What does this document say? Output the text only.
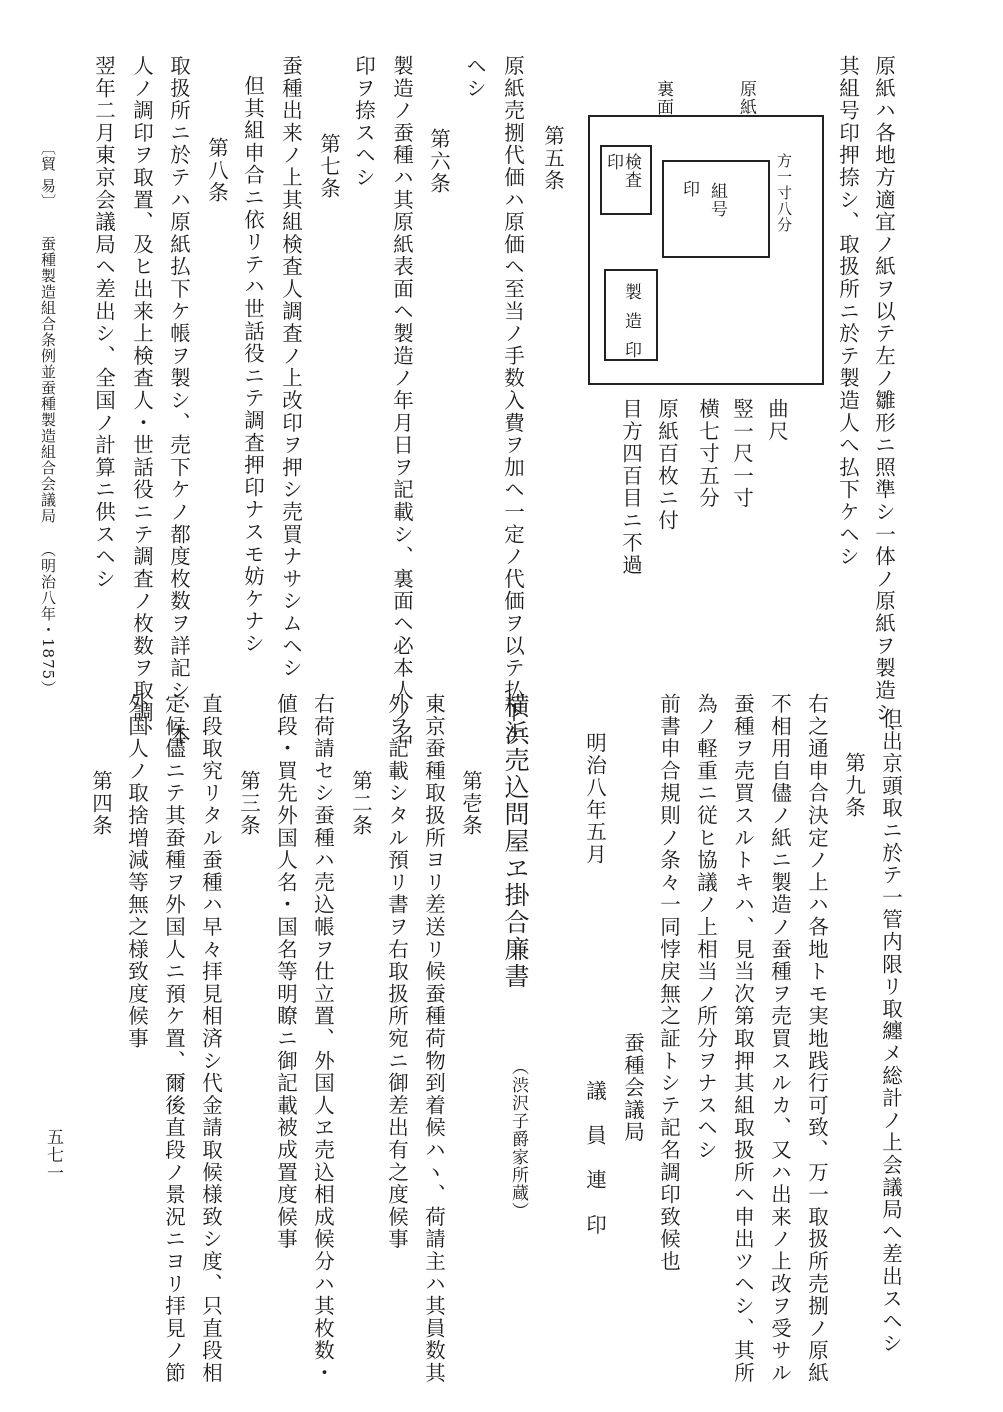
原紙ハ各地方適宜ノ紙ヲ以テ左ノ雛形ニ照準シ一体ノ原紙ヲ製造シ、
其組号印押捺シ、取扱所ニ於テ製造人へ払下ケヘシ
原紙
裏面
組号
印	方一寸八分
検査
印
製造印
曲尺
竪一尺一寸
横七寸五分
原紙百枚ニ付
目方四百目ニ不過
第五条
原紙売捌代価ハ原価ヘ至当ノ手数入費ヲ加ヘ一定ノ代価ヲ以テ払下ケ
ヘシ
第六条
製造ノ蚕種ハ其原紙表面ヘ製造ノ年月日ヲ記載シ、裏面ヘ必本人ノ名
印ヲ捺スヘシ
第七条
蚕種出来ノ上其組検査人調査ノ上改印ヲ押シ売買ナサシムヘシ
但其組申合ニ依リテハ世話役ニテ調査押印ナスモ妨ケナシ
第八条
取扱所ニ於テハ原紙払下ケ帳ヲ製シ、売下ケノ都度枚数ヲ詳記シ、本
人ノ調印ヲ取置、及ヒ出来上検査人・世話役ニテ調査ノ枚数ヲ取調、
翌年二月東京会議局ヘ差出シ、全国ノ計算ニ供スヘシ
〔貿 易〕
蚕種製造組合条例並蚕種製造組合会議局
（明治八年・1875）
但出京頭取ニ於テ一管内限リ取纏メ総計ノ上会議局へ差出スヘシ
第九条
右之通申合決定ノ上ハ各地トモ実地践行可致、万一取扱所売捌ノ原紙
不相用自儘ノ紙ニ製造ノ蚕種ヲ売買スルカ、又ハ出来ノ上改ヲ受サル
蚕種ヲ売買スルトキハ、見当次第取押其組取扱所ヘ申出ツヘシ、其所
為ノ軽重ニ従ヒ協議ノ上相当ノ所分ヲナスヘシ
前書申合規則ノ条々一同悖戻無之証トシテ記名調印致候也
蚕種会議局
議　員　連　印
明治八年五月
横浜売込問屋ヱ掛合廉書
（渋沢子爵家所蔵）
第壱条
東京蚕種取扱所ヨリ差送リ候蚕種荷物到着候ハヽ、荷請主ハ其員数其
外ヲ記載シタル預リ書ヲ右取扱所宛ニ御差出有之度候事
第二条
右荷請セシ蚕種ハ売込帳ヲ仕立置、外国人ヱ売込相成候分ハ其枚数・
値段・買先外国人名・国名等明瞭ニ御記載被成置度候事
第三条
直段取究リタル蚕種ハ早々拝見相済シ代金請取候様致シ度、只直段相
定候儘ニテ其蚕種ヲ外国人ニ預ケ置、爾後直段ノ景況ニヨリ拝見ノ節
外国人ノ取捨増減等無之様致度候事
第四条
五七一
